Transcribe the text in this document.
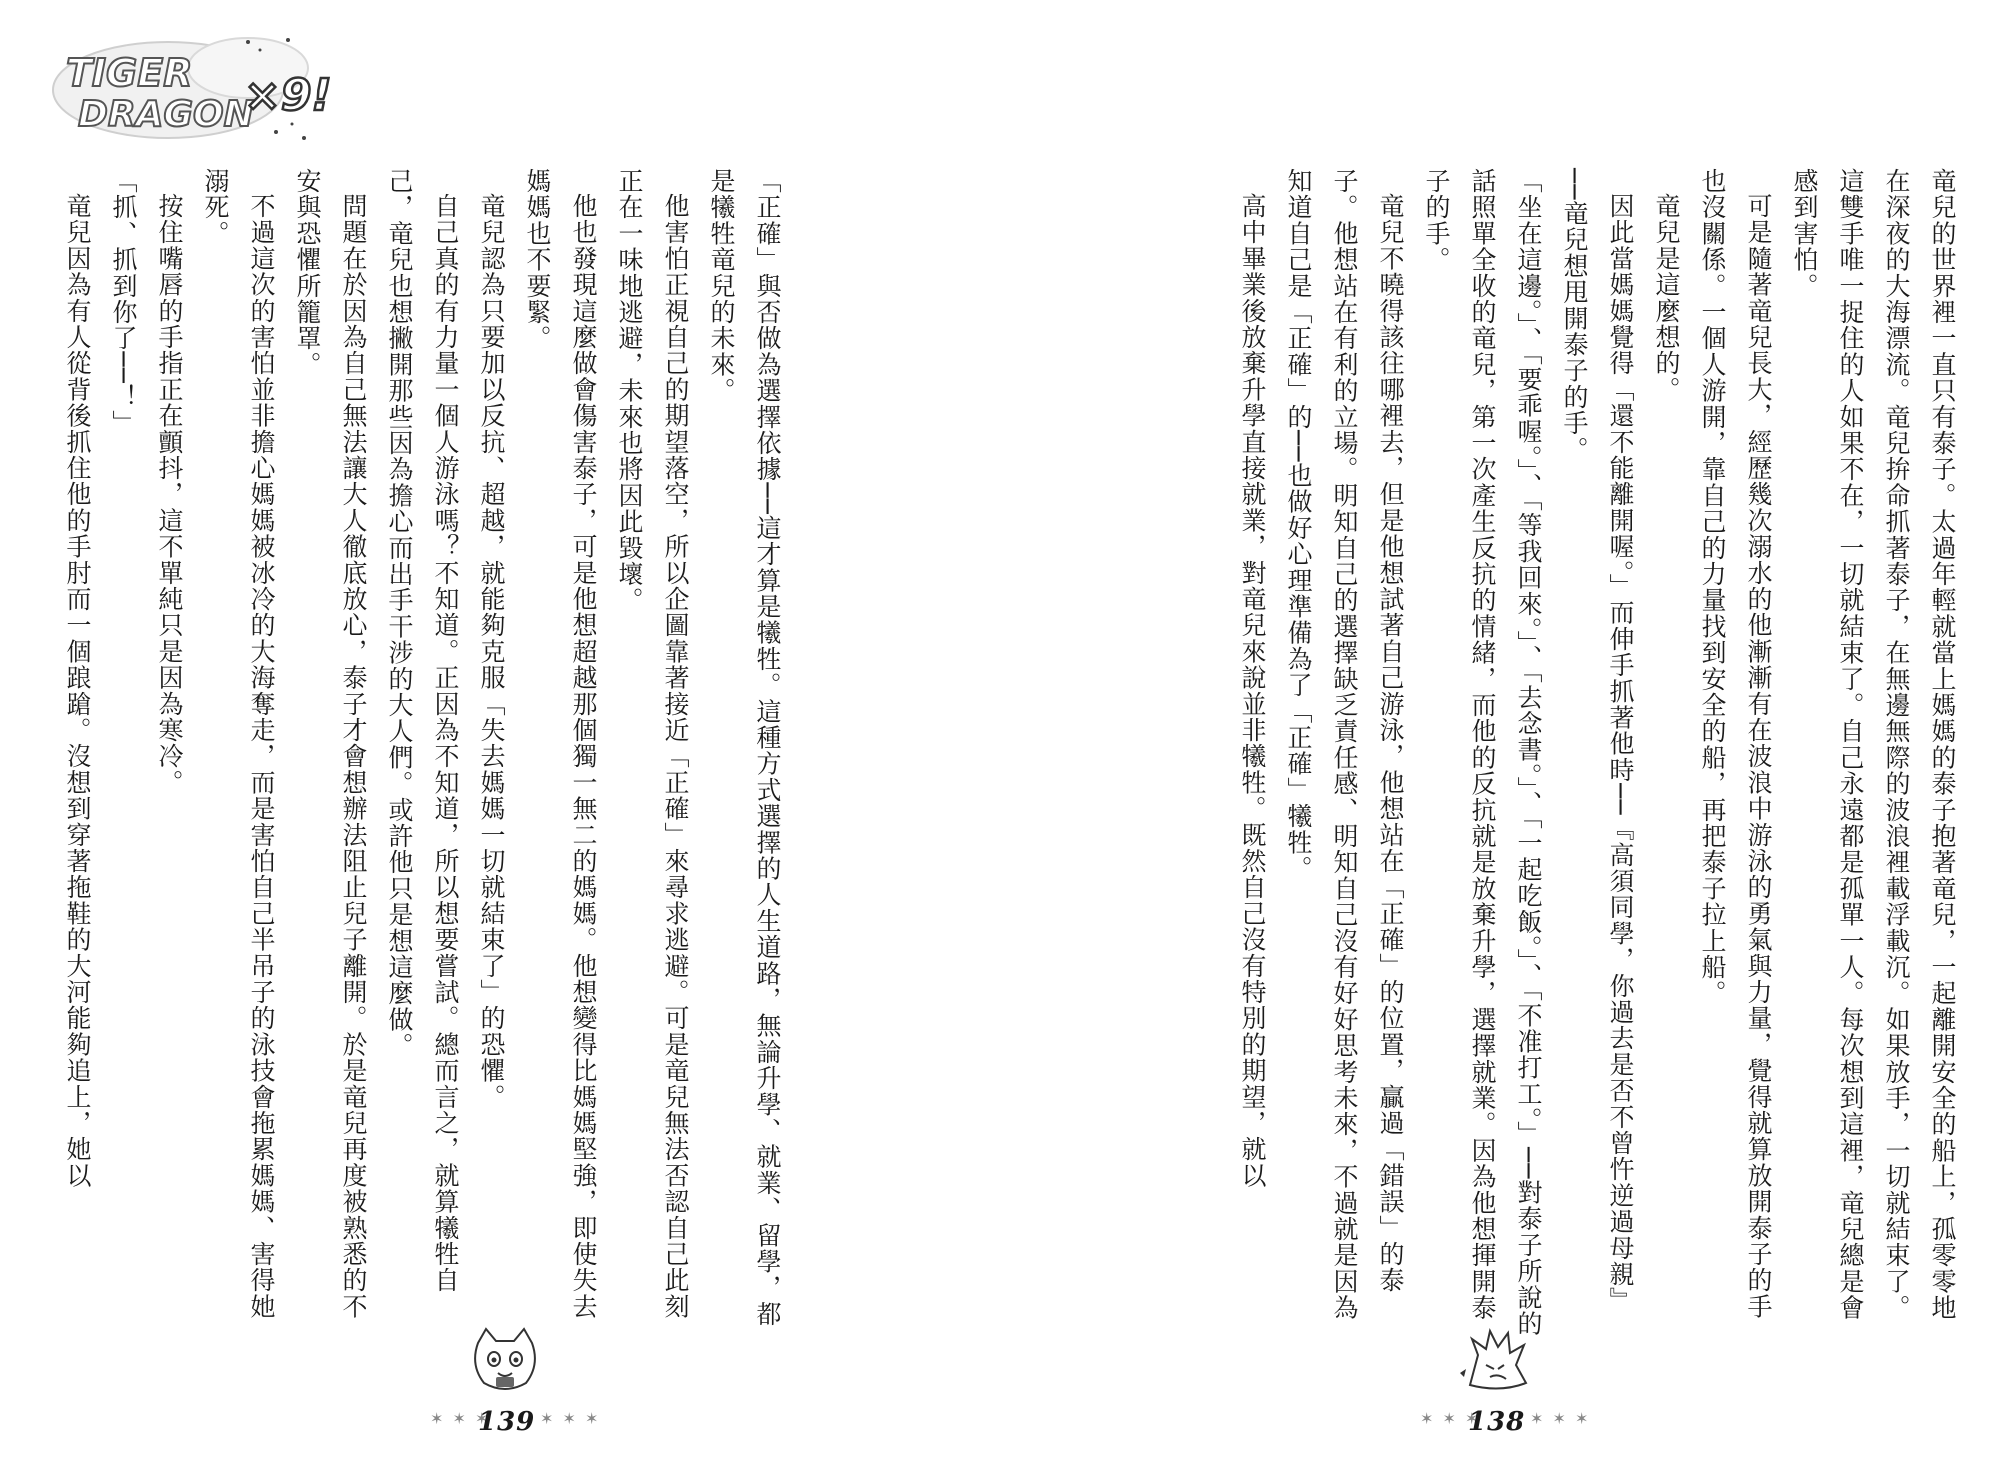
TIGER
DRAGON
×9!

「正確」與否做為選擇依據──這才算是犧牲。這種方式選擇的人生道路，無論升學、就業、留學，都是犧牲竜兒的未來。

他害怕正視自己的期望落空，所以企圖靠著接近「正確」來尋求逃避。可是竜兒無法否認自己此刻正在一味地逃避，未來也將因此毀壞。

他也發現這麼做會傷害泰子，可是他想超越那個獨一無二的媽媽。他想變得比媽媽堅強，即使失去媽媽也不要緊。

竜兒認為只要加以反抗、超越，就能夠克服「失去媽媽一切就結束了」的恐懼。

自己真的有力量一個人游泳嗎？不知道。正因為不知道，所以想要嘗試。總而言之，就算犧牲自己，竜兒也想撇開那些因為擔心而出手干涉的大人們。或許他只是想這麼做。

問題在於因為自己無法讓大人徹底放心，泰子才會想辦法阻止兒子離開。於是竜兒再度被熟悉的不安與恐懼所籠罩。

不過這次的害怕並非擔心媽媽被冰冷的大海奪走，而是害怕自己半吊子的泳技會拖累媽媽、害得她溺死。

按住嘴唇的手指正在顫抖，這不單純只是因為寒冷。

「抓、抓到你了──！」

竜兒因為有人從背後抓住他的手肘而一個踉蹌。沒想到穿著拖鞋的大河能夠追上，她以

✶ ✶ ✶
139 ✶ ✶ ✶

竜兒的世界裡一直只有泰子。太過年輕就當上媽媽的泰子抱著竜兒，一起離開安全的船上，孤零零地在深夜的大海漂流。竜兒拚命抓著泰子，在無邊無際的波浪裡載浮載沉。如果放手，一切就結束了。這雙手唯一捉住的人如果不在，一切就結束了。自己永遠都是孤單一人。每次想到這裡，竜兒總是會感到害怕。

可是隨著竜兒長大，經歷幾次溺水的他漸漸有在波浪中游泳的勇氣與力量，覺得就算放開泰子的手也沒關係。一個人游開，靠自己的力量找到安全的船，再把泰子拉上船。

竜兒是這麼想的。

因此當媽媽覺得「還不能離開喔。」而伸手抓著他時──『高須同學，你過去是否不曾忤逆過母親』──竜兒想甩開泰子的手。

「坐在這邊。」、「要乖喔。」、「等我回來。」、「去念書。」、「一起吃飯。」、「不准打工。」──對泰子所說的話照單全收的竜兒，第一次產生反抗的情緒，而他的反抗就是放棄升學，選擇就業。因為他想揮開泰子的手。

竜兒不曉得該往哪裡去，但是他想試著自己游泳，他想站在「正確」的位置，贏過「錯誤」的泰子。他想站在有利的立場。明知自己的選擇缺乏責任感、明知自己沒有好好思考未來，不過就是因為知道自己是「正確」的──也做好心理準備為了「正確」犧牲。

高中畢業後放棄升學直接就業，對竜兒來說並非犧牲。既然自己沒有特別的期望，就以

✶ ✶ ✶
138 ✶ ✶ ✶
